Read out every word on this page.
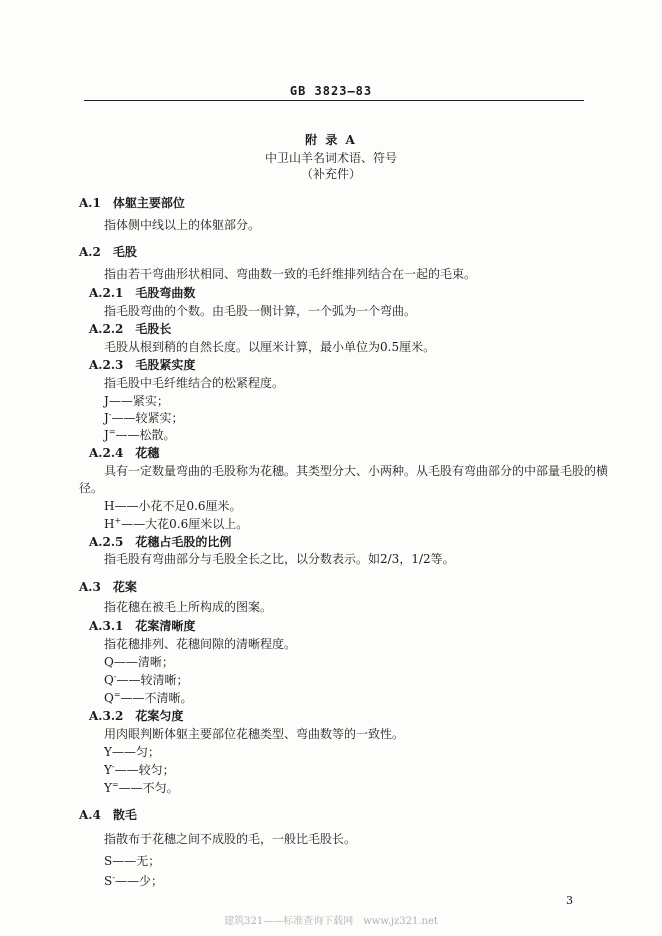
GB 3823—83
附 录 A
中卫山羊名词术语、符号
（补充件）
A.1　体躯主要部位
指体侧中线以上的体躯部分。
A.2　毛股
指由若干弯曲形状相同、弯曲数一致的毛纤维排列结合在一起的毛束。
A.2.1　毛股弯曲数
指毛股弯曲的个数。由毛股一侧计算，一个弧为一个弯曲。
A.2.2　毛股长
毛股从根到稍的自然长度。以厘米计算，最小单位为0.5厘米。
A.2.3　毛股紧实度
指毛股中毛纤维结合的松紧程度。
J——紧实；
J-——较紧实；
J=——松散。
A.2.4　花穗
具有一定数量弯曲的毛股称为花穗。其类型分大、小两种。从毛股有弯曲部分的中部量毛股的横
径。
H——小花不足0.6厘米。
H+——大花0.6厘米以上。
A.2.5　花穗占毛股的比例
指毛股有弯曲部分与毛股全长之比，以分数表示。如2/3，1/2等。
A.3　花案
指花穗在被毛上所构成的图案。
A.3.1　花案清晰度
指花穗排列、花穗间隙的清晰程度。
Q——清晰；
Q-——较清晰；
Q=——不清晰。
A.3.2　花案匀度
用肉眼判断体躯主要部位花穗类型、弯曲数等的一致性。
Y——匀；
Y-——较匀；
Y=——不匀。
A.4　散毛
指散布于花穗之间不成股的毛，一般比毛股长。
S——无；
S-——少；
3
建筑321——标准查询下载网　www.jz321.net
